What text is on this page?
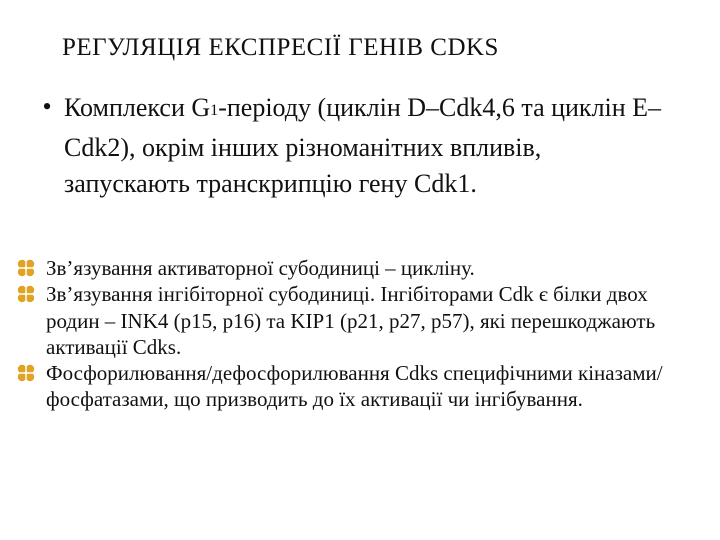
РЕГУЛЯЦІЯ ЕКСПРЕСІЇ ГЕНІВ CDKS
• Комплекси G1-періоду (циклін D–Cdk4,6 та циклін E–Cdk2), окрім інших різноманітних впливів, запускають транскрипцію гену Cdk1.
Зв’язування активаторної субодиниці – цикліну.
Зв’язування інгібіторної субодиниці. Інгібіторами Cdk є білки двох родин – INK4 (p15, p16) та KIP1 (p21, p27, p57), які перешкоджають активації Cdks.
Фосфорилювання/дефосфорилювання Cdks специфічними кіназами/фосфатазами, що призводить до їх активації чи інгібування.
